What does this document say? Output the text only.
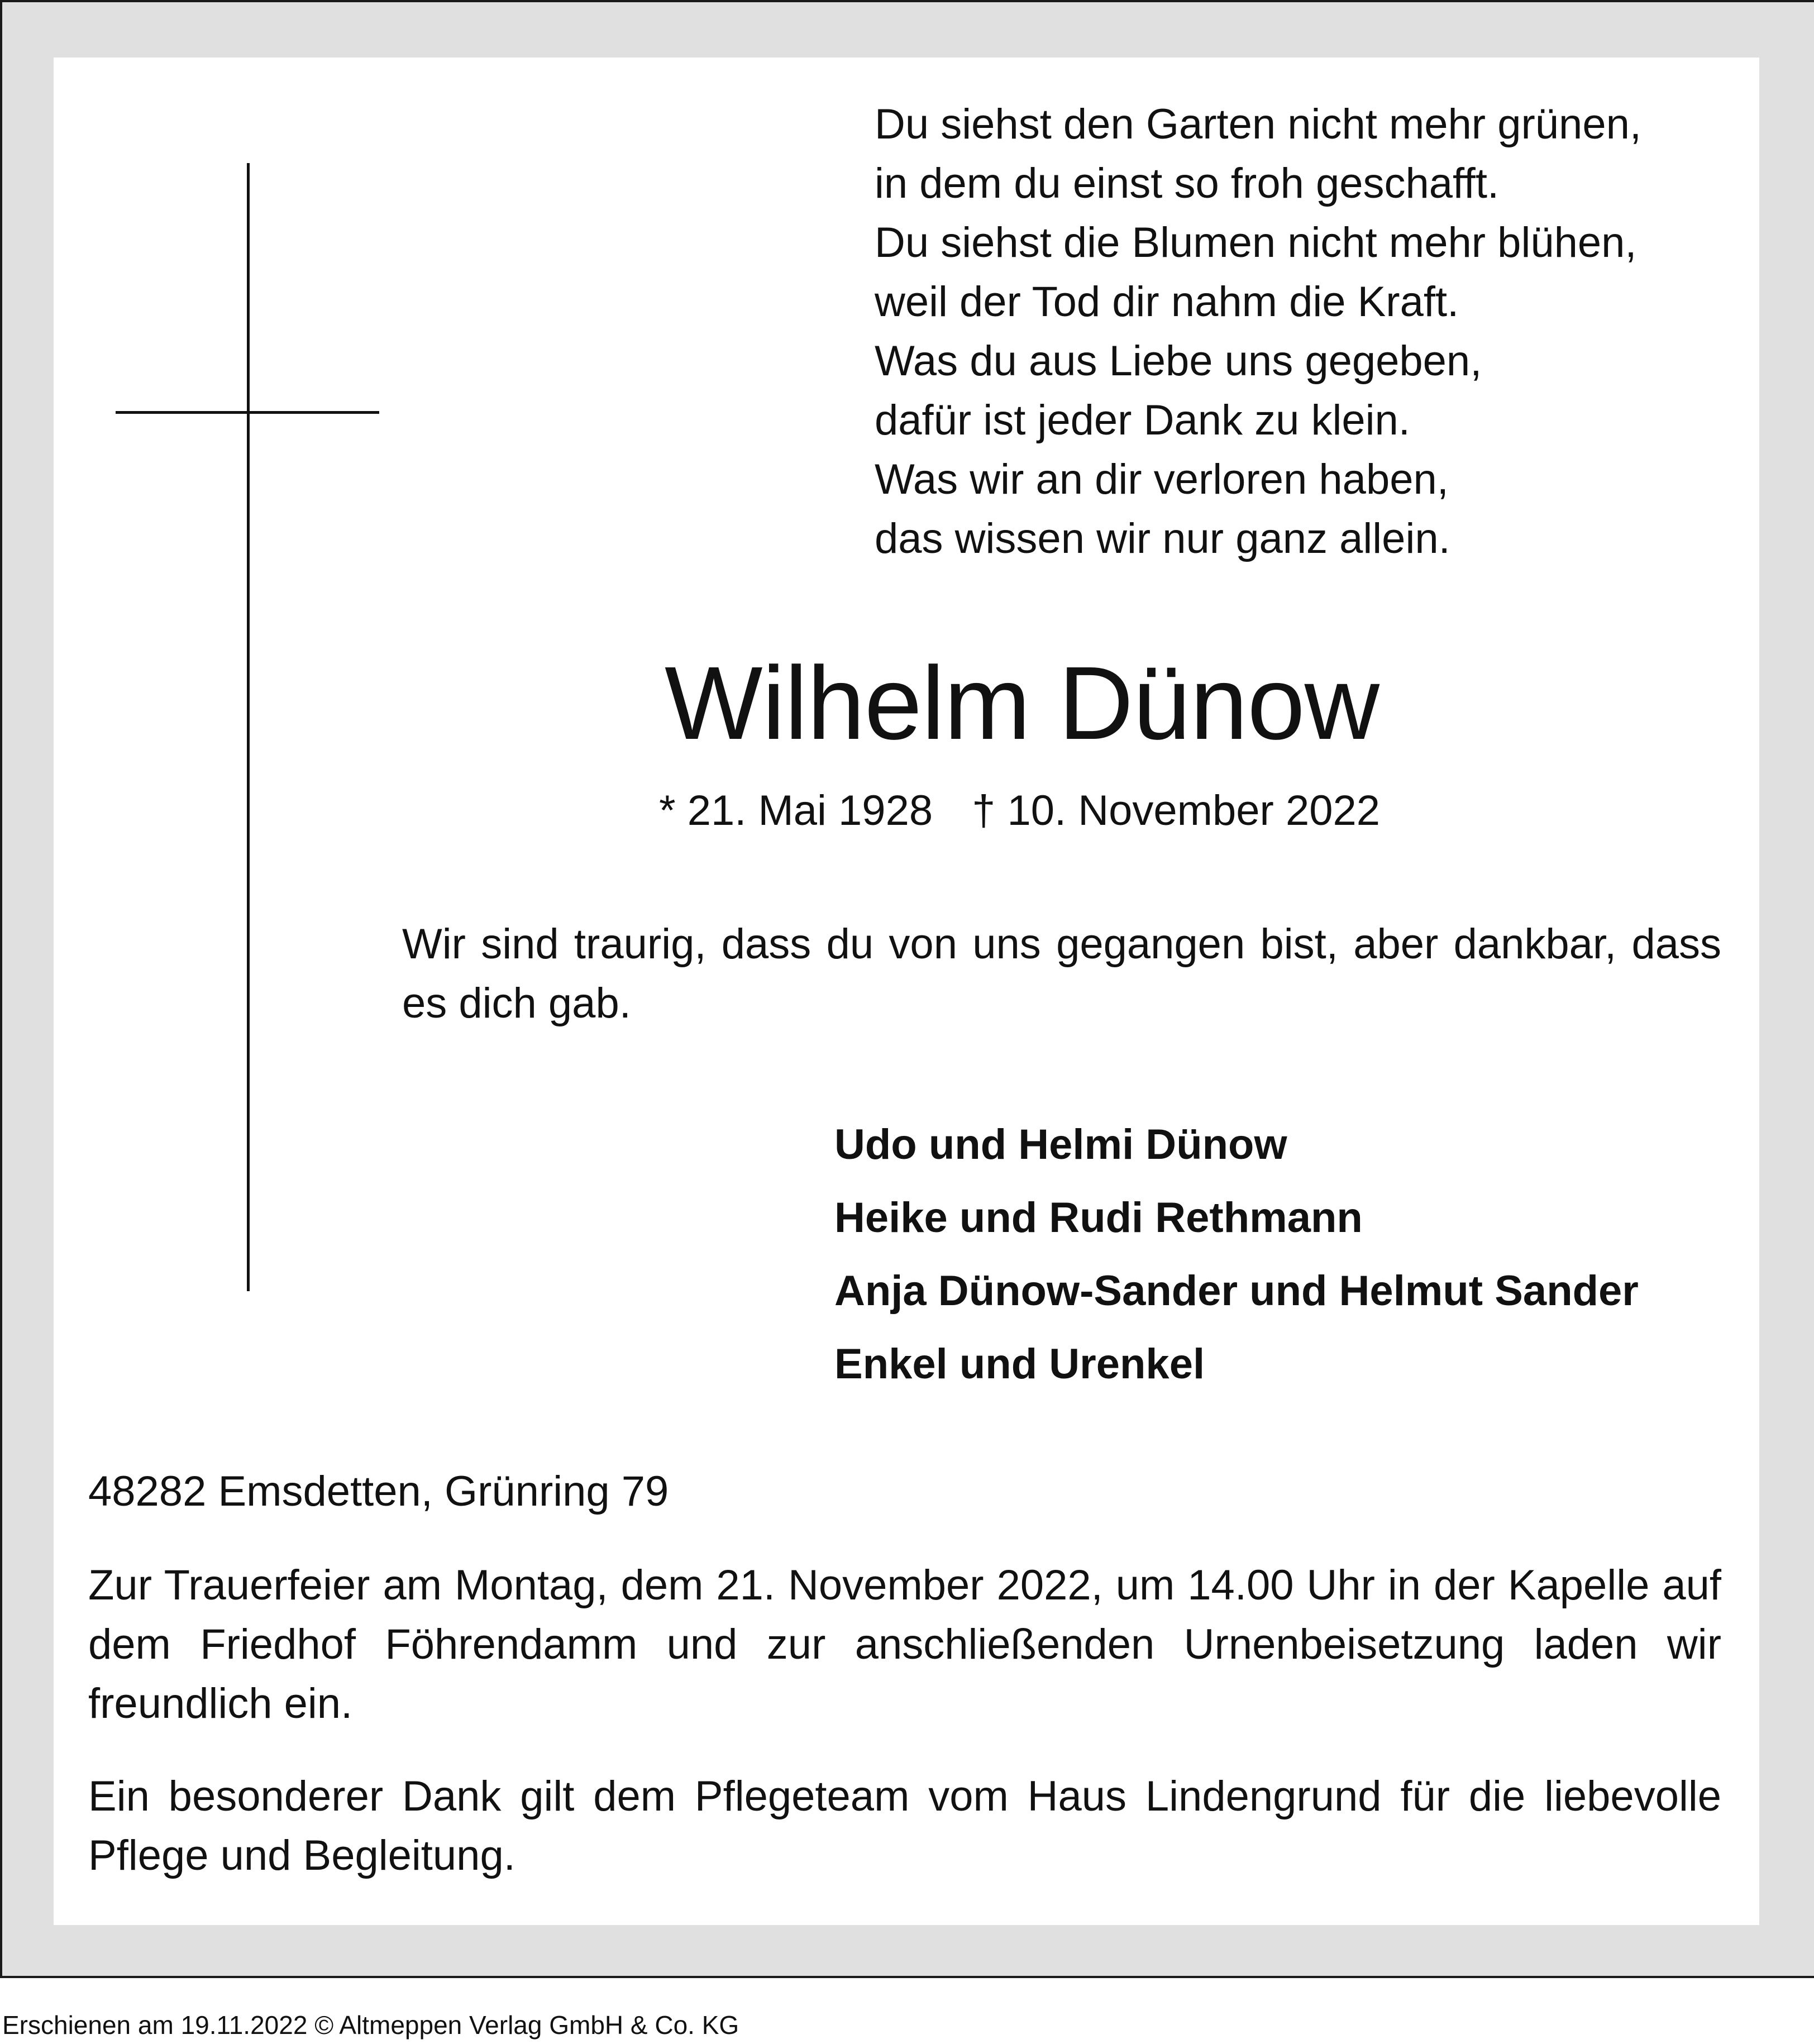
Du siehst den Garten nicht mehr grünen,
in dem du einst so froh geschafft.
Du siehst die Blumen nicht mehr blühen,
weil der Tod dir nahm die Kraft.
Was du aus Liebe uns gegeben,
dafür ist jeder Dank zu klein.
Was wir an dir verloren haben,
das wissen wir nur ganz allein.
Wilhelm Dünow
* 21. Mai 1928 † 10. November 2022

Wir sind traurig, dass du von uns gegangen bist, aber dankbar, dass es dich gab.

Udo und Helmi Dünow
Heike und Rudi Rethmann
Anja Dünow-Sander und Helmut Sander
Enkel und Urenkel

48282 Emsdetten, Grünring 79

Zur Trauerfeier am Montag, dem 21. November 2022, um 14.00 Uhr in der Kapelle auf dem Friedhof Föhrendamm und zur anschließenden Urnenbeisetzung laden wir freundlich ein.

Ein besonderer Dank gilt dem Pflegeteam vom Haus Lindengrund für die liebevolle Pflege und Begleitung.

Erschienen am 19.11.2022 © Altmeppen Verlag GmbH & Co. KG
